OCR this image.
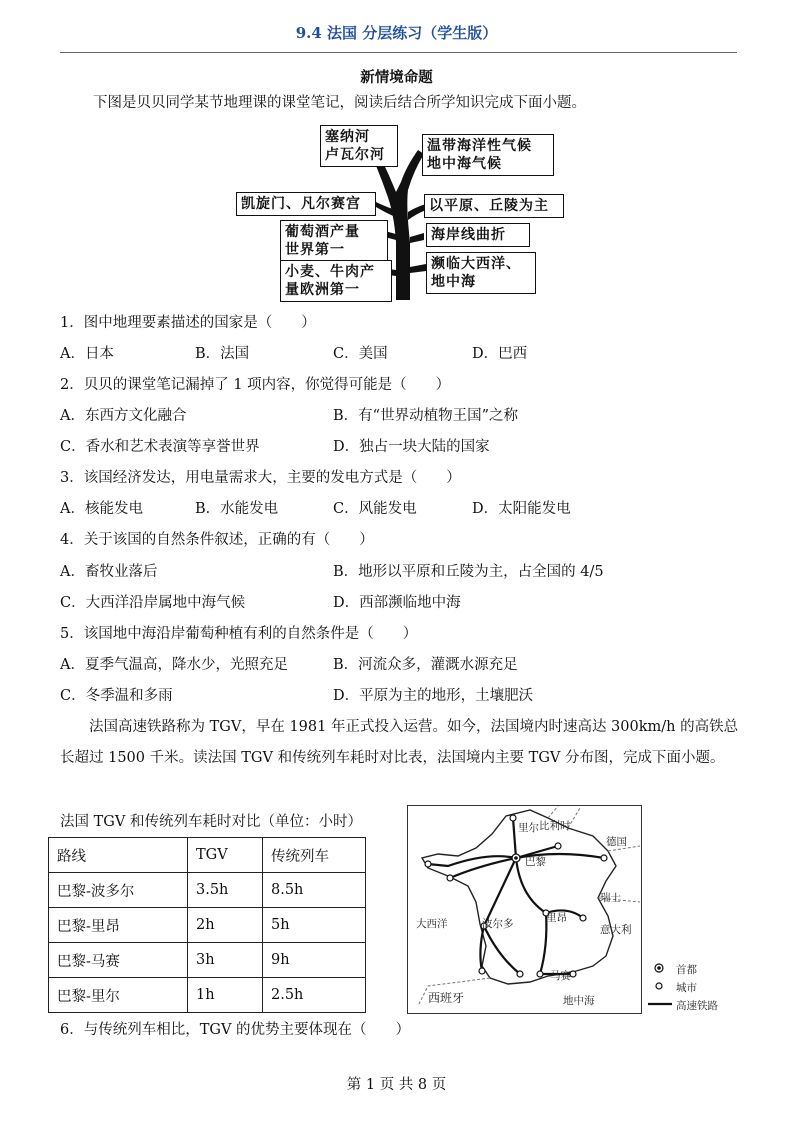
9.4 法国 分层练习（学生版）
新情境命题
下图是贝贝同学某节地理课的课堂笔记，阅读后结合所学知识完成下面小题。
塞纳河
卢瓦尔河
温带海洋性气候
地中海气候
凯旋门、凡尔赛宫	以平原、丘陵为主
葡萄酒产量
世界第一
海岸线曲折
小麦、牛肉产
量欧洲第一
濒临大西洋、
地中海
1．图中地理要素描述的国家是（　　）
A．日本	B．法国	C．美国	D．巴西
2．贝贝的课堂笔记漏掉了 1 项内容，你觉得可能是（　　）
A．东西方文化融合	B．有“世界动植物王国”之称
C．香水和艺术表演等享誉世界	D．独占一块大陆的国家
3．该国经济发达，用电量需求大，主要的发电方式是（　　）
A．核能发电	B．水能发电	C．风能发电	D．太阳能发电
4．关于该国的自然条件叙述，正确的有（　　）
A．畜牧业落后	B．地形以平原和丘陵为主，占全国的 4/5
C．大西洋沿岸属地中海气候	D．西部濒临地中海
5．该国地中海沿岸葡萄种植有利的自然条件是（　　）
A．夏季气温高，降水少，光照充足	B．河流众多，灌溉水源充足
C．冬季温和多雨	D．平原为主的地形，土壤肥沃
法国高速铁路称为 TGV，早在 1981 年正式投入运营。如今，法国境内时速高达 300km/h 的高铁总长超过 1500 千米。读法国 TGV 和传统列车耗时对比表，法国境内主要 TGV 分布图，完成下面小题。
法国 TGV 和传统列车耗时对比（单位：小时）
路线	TGV	传统列车
巴黎-波多尔	3.5h	8.5h
巴黎-里昂	2h	5h
巴黎-马赛	3h	9h
巴黎-里尔	1h	2.5h
比利时
里尔
德国
巴黎
瑞士
大西洋	里昂
意大利
波尔多
马赛
西班牙	地中海
首都
城市
高速铁路
6．与传统列车相比，TGV 的优势主要体现在（　　）
第 1 页 共 8 页
